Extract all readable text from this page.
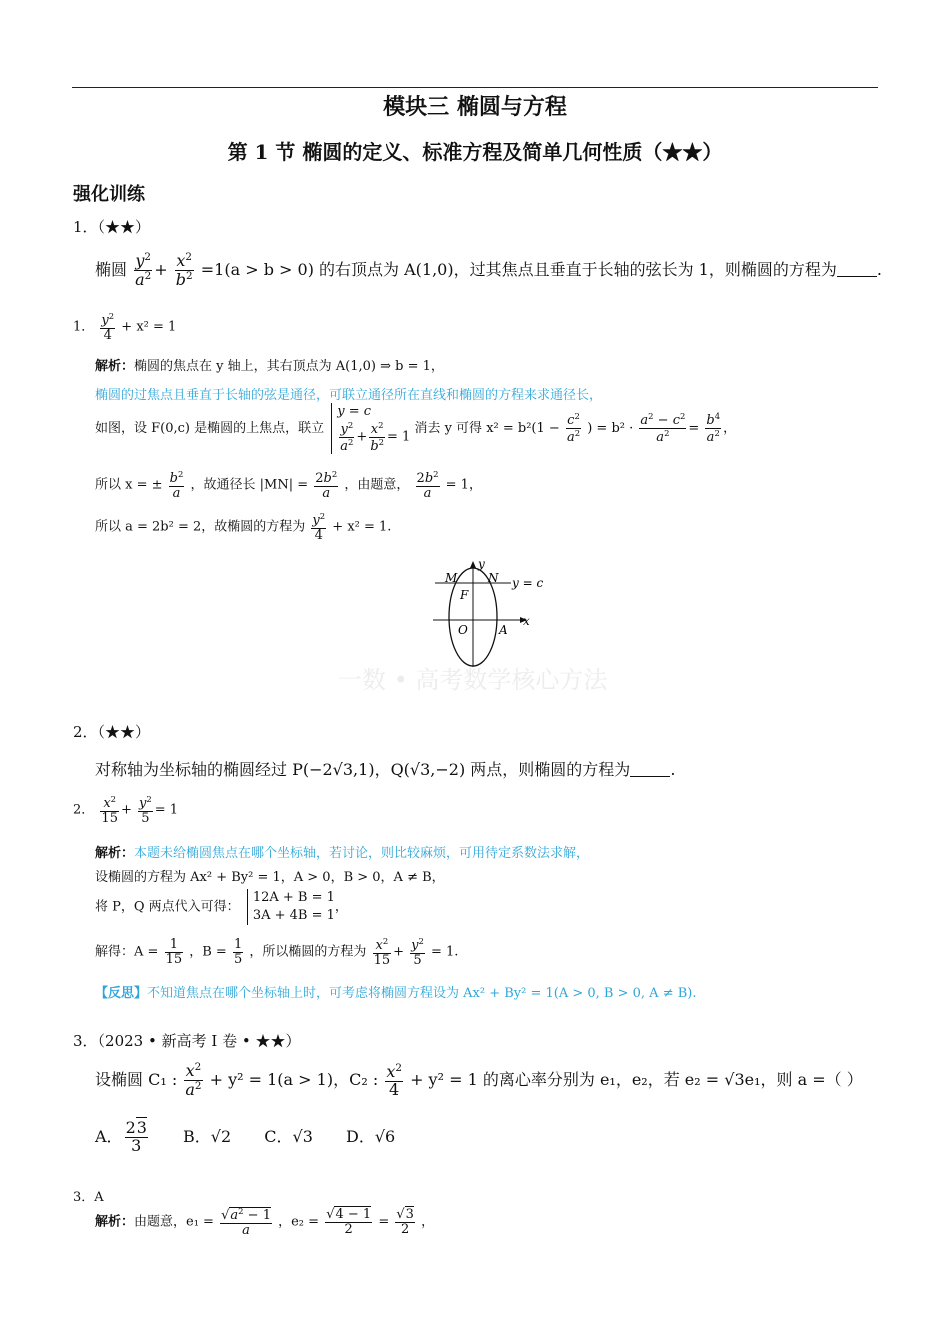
模块三 椭圆与方程
第 1 节 椭圆的定义、标准方程及简单几何性质（★★）
强化训练
1．（★★）
椭圆 $\frac{y^2}{a^2} + \frac{x^2}{b^2} =1(a > b > 0)$ 的右顶点为 A(1,0)，过其焦点且垂直于长轴的弦长为 1，则椭圆的方程为	.
1． $\frac{y^2}{4} + x^2 = 1$
解析：椭圆的焦点在 y 轴上，其右顶点为 A(1,0) ⇒ b = 1，
椭圆的过焦点且垂直于长轴的弦是通径，可联立通径所在直线和椭圆的方程来求通径长，
如图，设 F(0,c) 是椭圆的上焦点，联立 y = c

$\frac{y^2}{a^2} + \frac{x^2}{b^2} = 1$ 消去 y 可得 $x^2 = b^2(1 - \frac{c^2}{a^2}$ ) = $b^2 \cdot \frac{a^2 - c^2}{a^2} = \frac{b^4}{a^2}$ ，
所以 x = ± $\frac{b^2}{a}$ ，故通径长 $|MN| = \frac{2b^2}{a}$ ，由题意， $\frac{2b^2}{a} = 1$，
所以 a = 2b² = 2，故椭圆的方程为 $\frac{y^2}{4} + x^2 = 1$.
M	N
y
y = c
F
O	A
x
一数 • 高考数学核心方法
2．（★★）
对称轴为坐标轴的椭圆经过 P(−2√3,1)，Q(√3,−2) 两点，则椭圆的方程为	.
2． $\frac{x^2}{15} + \frac{y^2}{5} = 1$
解析：本题未给椭圆焦点在哪个坐标轴，若讨论，则比较麻烦，可用待定系数法求解，
设椭圆的方程为 Ax² + By² = 1，A > 0，B > 0，A ≠ B，
将 P，Q 两点代入可得： 12A + B = 1
3A + 4B = 1，
解得：$A = \frac{1}{15}$ ，$B = \frac{1}{5}$ ，所以椭圆的方程为 $\frac{x^2}{15} + \frac{y^2}{5} = 1$.
【反思】不知道焦点在哪个坐标轴上时，可考虑将椭圆方程设为 Ax² + By² = 1(A > 0, B > 0, A ≠ B).
3．（2023 • 新高考 Ⅰ 卷 • ★★）
设椭圆 C₁ : $\frac{x^2}{a^2} + y^2 = 1(a > 1)$，C₂ : $\frac{x^2}{4} + y^2 = 1$ 的离心率分别为 e₁，e₂，若 e₂ = √3e₁，则 a =（ ）
A． $\frac{23}{3}$ B．√2 C．√3 D．√6
3．A
解析：由题意，$e_1 = \frac{√a^2 - 1}{a}$ ，$e_2 = \frac{√4 - 1}{2} = \frac{√3}{2}$ ，
